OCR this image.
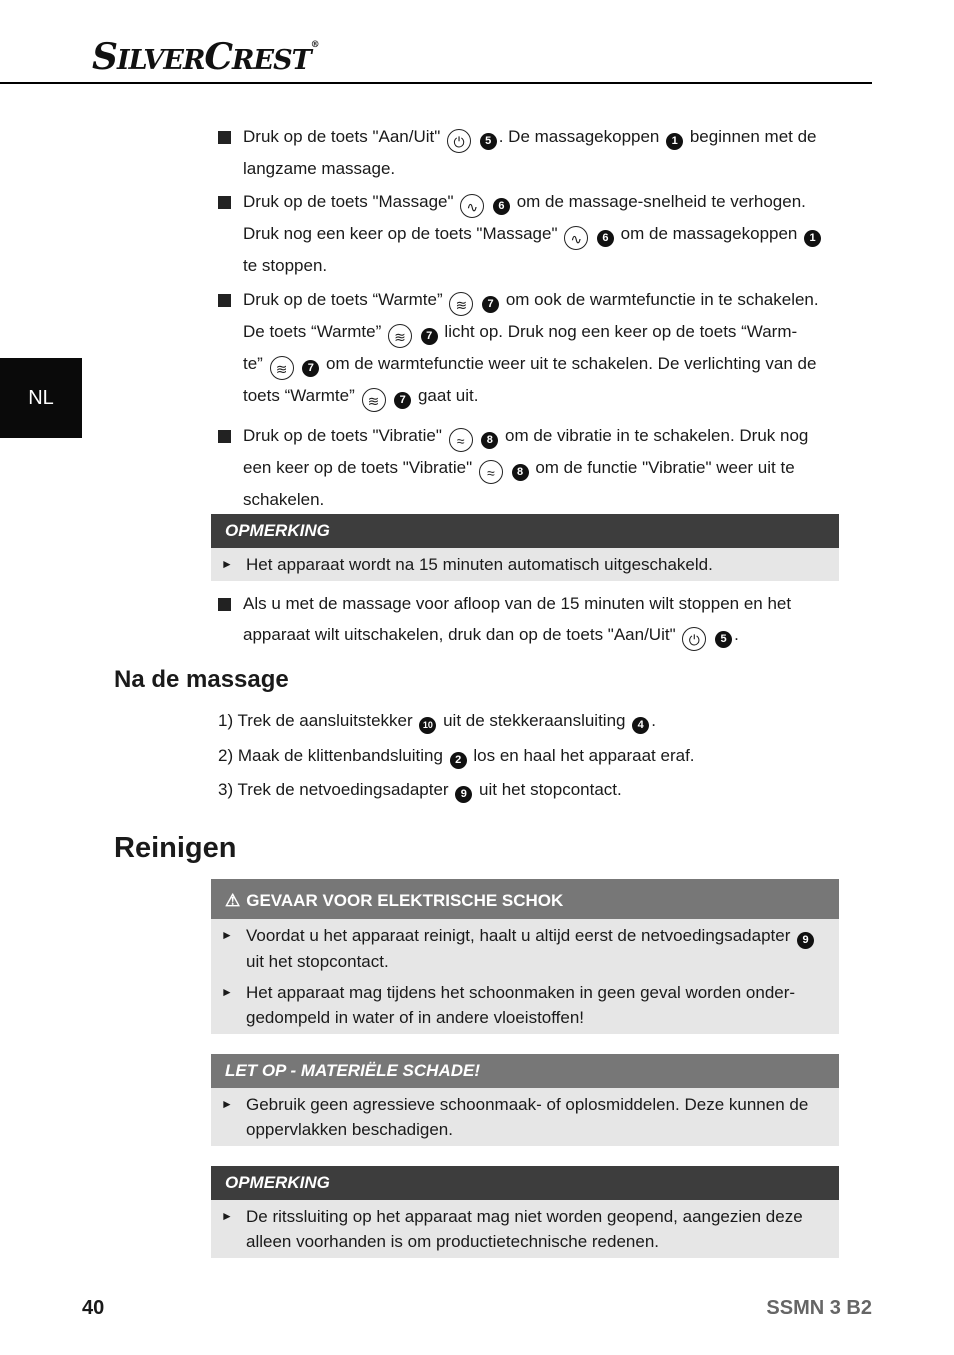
SILVERCREST®
NL
Druk op de toets "Aan/Uit" ⏻ 5 . De massagekoppen 1 beginnen met de
langzame massage.
Druk op de toets "Massage" ∿ 6 om de massage-snelheid te verhogen.
Druk nog een keer op de toets "Massage" ∿ 6 om de massagekoppen 1
te stoppen.
Druk op de toets “Warmte” ≋ 7 om ook de warmtefunctie in te schakelen.
De toets “Warmte” ≋ 7 licht op. Druk nog een keer op de toets “Warm-
te” ≋ 7 om de warmtefunctie weer uit te schakelen. De verlichting van de
toets “Warmte” ≋ 7 gaat uit.
Druk op de toets "Vibratie" ≈ 8 om de vibratie in te schakelen. Druk nog
een keer op de toets "Vibratie" ≈ 8 om de functie "Vibratie" weer uit te
schakelen.
OPMERKING
► Het apparaat wordt na 15 minuten automatisch uitgeschakeld.
Als u met de massage voor afloop van de 15 minuten wilt stoppen en het
apparaat wilt uitschakelen, druk dan op de toets "Aan/Uit" ⏻ 5 .
Na de massage
1) Trek de aansluitstekker 10 uit de stekkeraansluiting 4 .
2) Maak de klittenbandsluiting 2 los en haal het apparaat eraf.
3) Trek de netvoedingsadapter 9 uit het stopcontact.
Reinigen
⚠ GEVAAR VOOR ELEKTRISCHE SCHOK
► Voordat u het apparaat reinigt, haalt u altijd eerst de netvoedingsadapter 9
uit het stopcontact.
► Het apparaat mag tijdens het schoonmaken in geen geval worden onder-
gedompeld in water of in andere vloeistoffen!
LET OP - MATERIËLE SCHADE!
► Gebruik geen agressieve schoonmaak- of oplosmiddelen. Deze kunnen de
oppervlakken beschadigen.
OPMERKING
► De ritssluiting op het apparaat mag niet worden geopend, aangezien deze
alleen voorhanden is om productietechnische redenen.
40	SSMN 3 B2
